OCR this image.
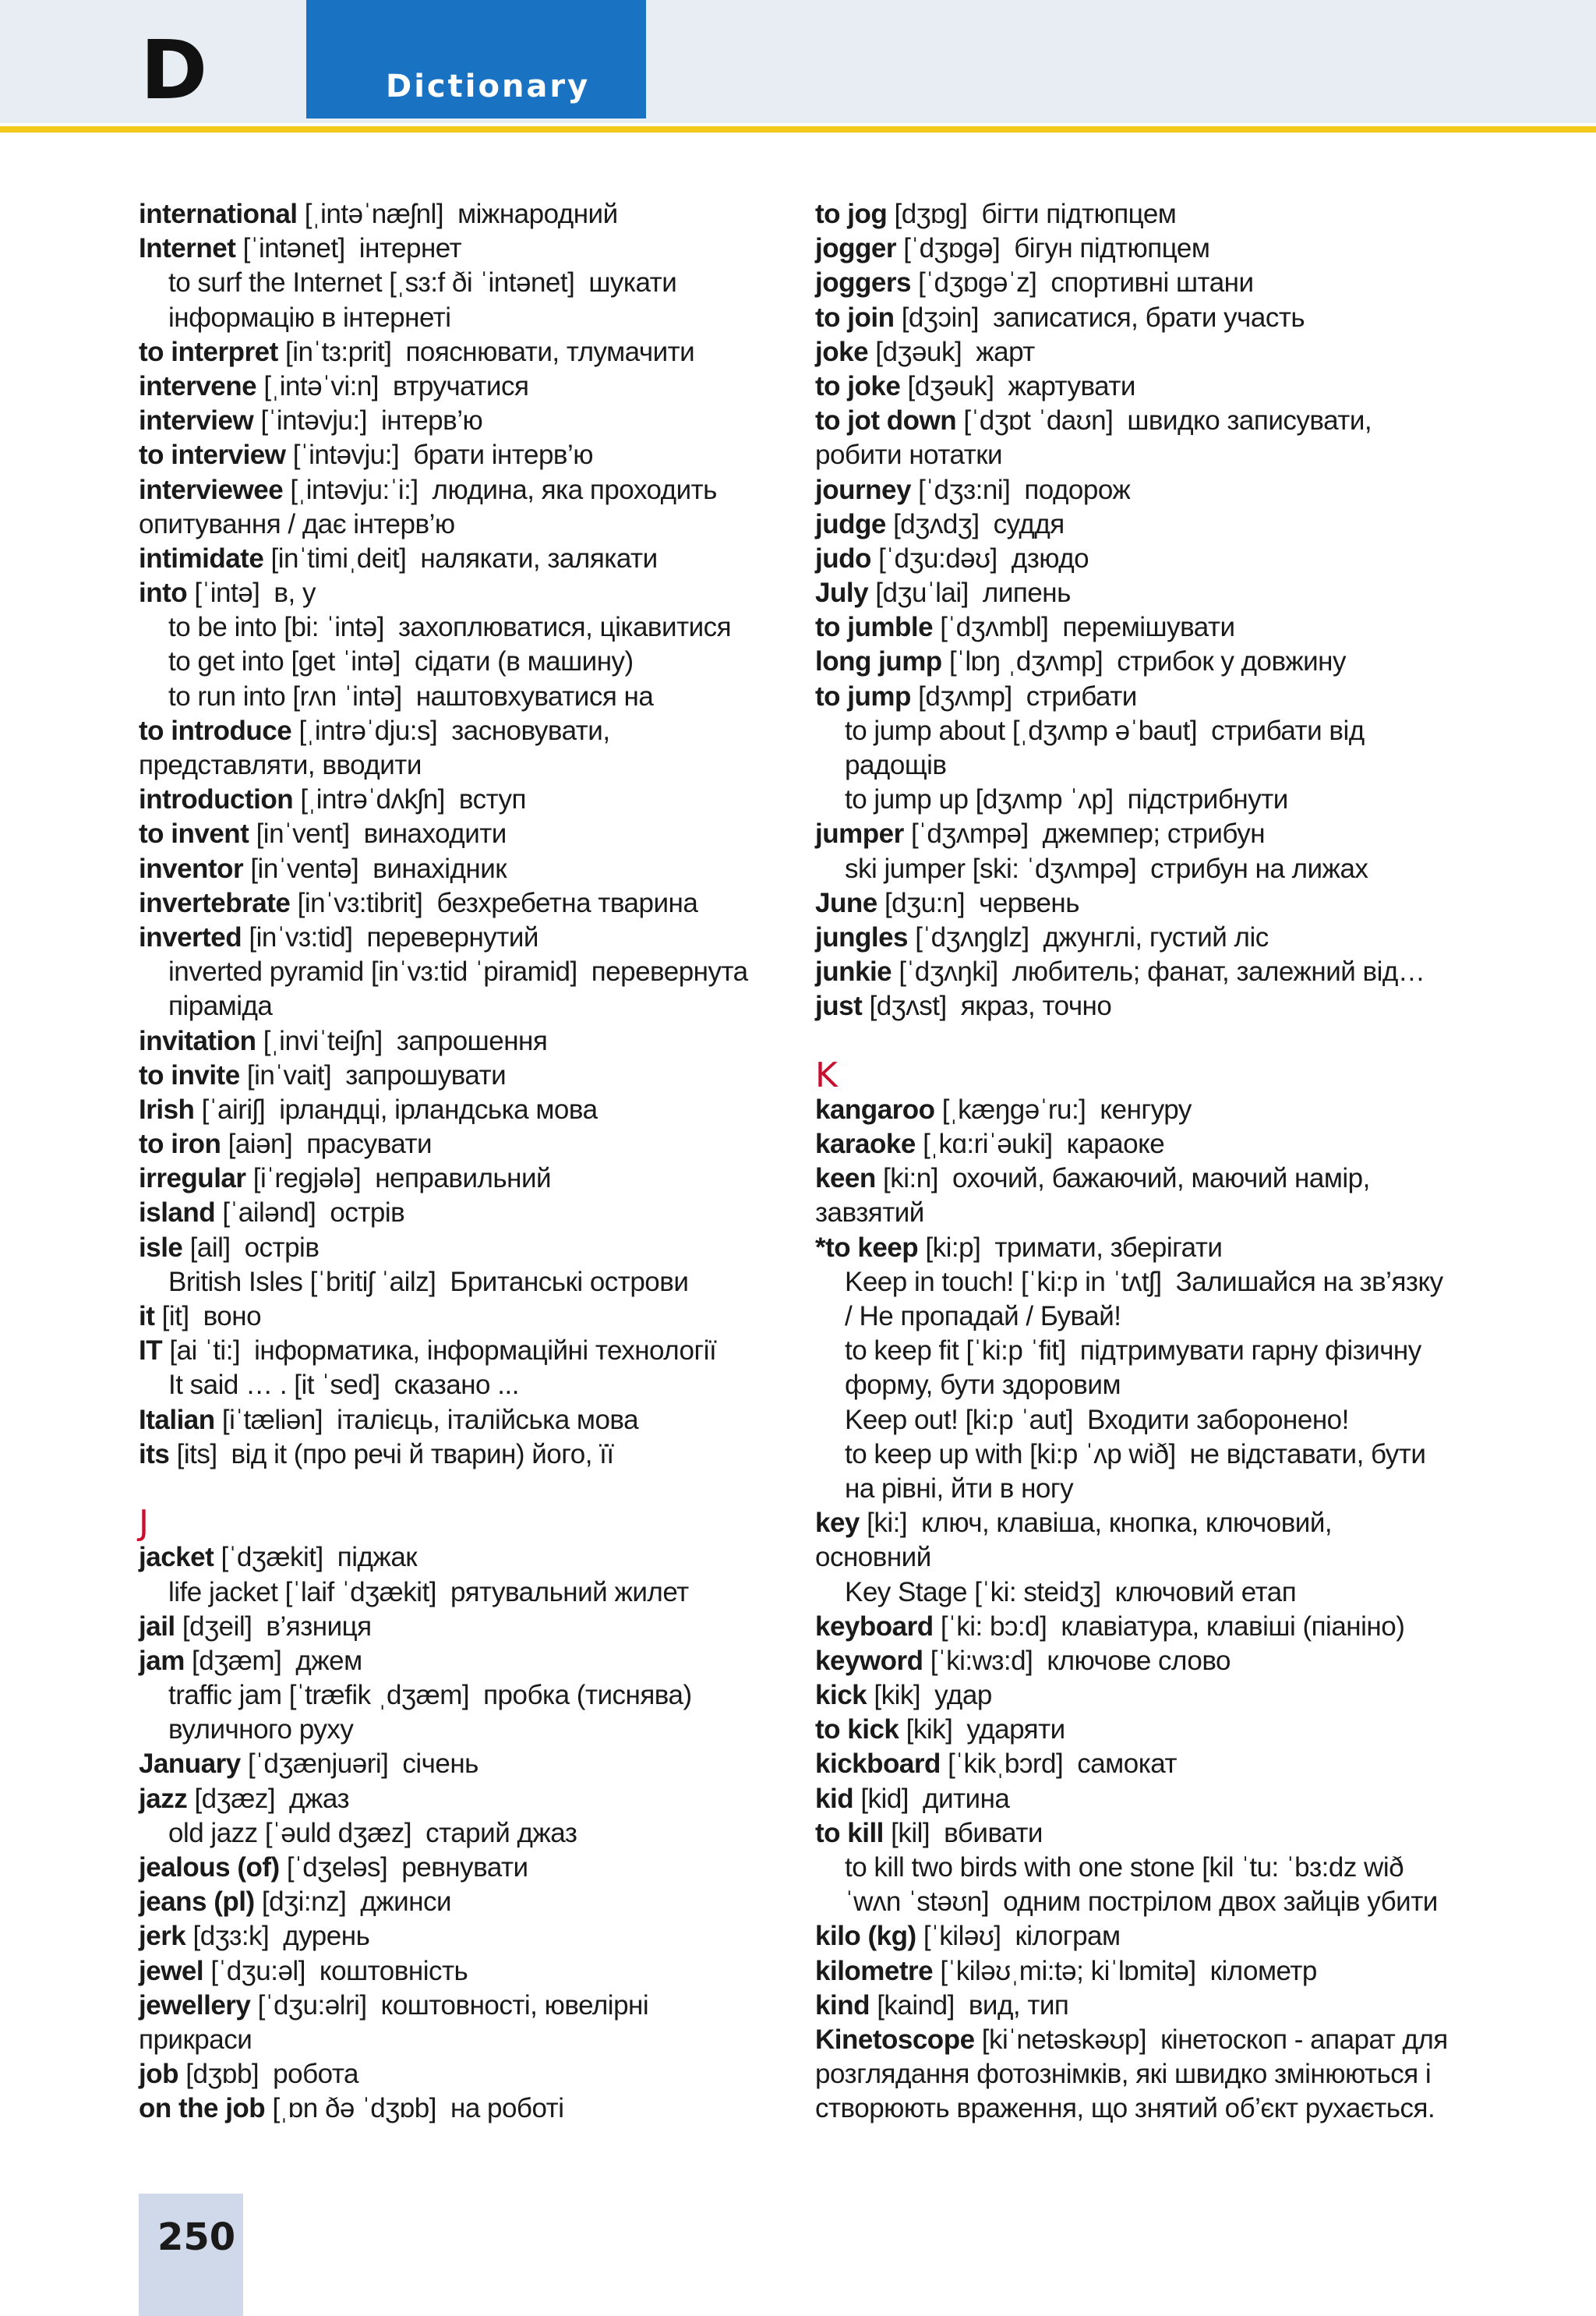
D	Dictionary
international [ˌintəˈnæʃnl] міжнародний
Internet [ˈintənet] інтернет
to surf the Internet [ˌsɜ:f ði ˈintənet] шукати
інформацію в інтернеті
to interpret [inˈtɜ:prit] пояснювати, тлумачити
intervene [ˌintəˈvi:n] втручатися
interview [ˈintəvju:] інтерв’ю
to interview [ˈintəvju:] брати інтерв’ю
interviewee [ˌintəvju:ˈi:] людина, яка проходить
опитування / дає інтерв’ю
intimidate [inˈtimiˌdeit] налякати, залякати
into [ˈintə] в, у
to be into [bi: ˈintə] захоплюватися, цікавитися
to get into [get ˈintə] сідати (в машину)
to run into [rʌn ˈintə] наштовхуватися на
to introduce [ˌintrəˈdju:s] засновувати,
представляти, вводити
introduction [ˌintrəˈdʌkʃn] вступ
to invent [inˈvent] винаходити
inventor [inˈventə] винахідник
invertebrate [inˈvɜ:tibrit] безхребетна тварина
inverted [inˈvɜ:tid] перевернутий
inverted pyramid [inˈvɜ:tid ˈpiramid] перевернута
піраміда
invitation [ˌinviˈteiʃn] запрошення
to invite [inˈvait] запрошувати
Irish [ˈairiʃ] ірландці, ірландська мова
to iron [aiən] прасувати
irregular [iˈregjələ] неправильний
island [ˈailənd] острів
isle [ail] острів
British Isles [ˈbritiʃ ˈailz] Британські острови
it [it] воно
IT [ai ˈti:] інформатика, інформаційні технології
It said … . [it ˈsed] сказано ...
Italian [iˈtæliən] італієць, італійська мова
its [its] від it (про речі й тварин) його, її
J
jacket [ˈdʒækit] піджак
life jacket [ˈlaif ˈdʒækit] рятувальний жилет
jail [dʒeil] в’язниця
jam [dʒæm] джем
traffic jam [ˈtræfik ˌdʒæm] пробка (тиснява)
вуличного руху
January [ˈdʒænjuəri] січень
jazz [dʒæz] джаз
old jazz [ˈəuld dʒæz] старий джаз
jealous (of) [ˈdʒeləs] ревнувати
jeans (pl) [dʒi:nz] джинси
jerk [dʒɜ:k] дурень
jewel [ˈdʒu:əl] коштовність
jewellery [ˈdʒu:əlri] коштовності, ювелірні
прикраси
job [dʒɒb] робота
on the job [ˌɒn ðə ˈdʒɒb] на роботі
to jog [dʒɒg] бігти підтюпцем
jogger [ˈdʒɒgə] бігун підтюпцем
joggers [ˈdʒɒgəˈz] спортивні штани
to join [dʒɔin] записатися, брати участь
joke [dʒəuk] жарт
to joke [dʒəuk] жартувати
to jot down [ˈdʒɒt ˈdaʊn] швидко записувати,
робити нотатки
journey [ˈdʒɜ:ni] подорож
judge [dʒʌdʒ] суддя
judo [ˈdʒu:dəʊ] дзюдо
July [dʒuˈlai] липень
to jumble [ˈdʒʌmbl] перемішувати
long jump [ˈlɒŋ ˌdʒʌmp] стрибок у довжину
to jump [dʒʌmp] стрибати
to jump about [ˌdʒʌmp əˈbaut] стрибати від
радощів
to jump up [dʒʌmp ˈʌp] підстрибнути
jumper [ˈdʒʌmpə] джемпер; стрибун
ski jumper [ski: ˈdʒʌmpə] стрибун на лижах
June [dʒu:n] червень
jungles [ˈdʒʌŋglz] джунглі, густий ліс
junkie [ˈdʒʌŋki] любитель; фанат, залежний від…
just [dʒʌst] якраз, точно
K
kangaroo [ˌkæŋgəˈru:] кенгуру
karaoke [ˌkɑ:riˈəuki] караоке
keen [ki:n] охочий, бажаючий, маючий намір,
завзятий
*to keep [ki:p] тримати, зберігати
Keep in touch! [ˈki:p in ˈtʌtʃ] Залишайся на зв’язку
/ Не пропадай / Бувай!
to keep fit [ˈki:p ˈfit] підтримувати гарну фізичну
форму, бути здоровим
Keep out! [ki:p ˈaut] Входити заборонено!
to keep up with [ki:p ˈʌp wið] не відставати, бути
на рівні, йти в ногу
key [ki:] ключ, клавіша, кнопка, ключовий,
основний
Key Stage [ˈki: steidʒ] ключовий етап
keyboard [ˈki: bɔ:d] клавіатура, клавіші (піаніно)
keyword [ˈki:wɜ:d] ключове слово
kick [kik] удар
to kick [kik] ударяти
kickboard [ˈkikˌbɔrd] самокат
kid [kid] дитина
to kill [kil] вбивати
to kill two birds with one stone [kil ˈtu: ˈbɜ:dz wið
ˈwʌn ˈstəʊn] одним пострілом двох зайців убити
kilo (kg) [ˈkiləʊ] кілограм
kilometre [ˈkiləʊˌmi:tə; kiˈlɒmitə] кілометр
kind [kaind] вид, тип
Kinetoscope [kiˈnetəskəʊp] кінетоскоп - апарат для
розглядання фотознімків, які швидко змінюються і
створюють враження, що знятий об’єкт рухається.
250
